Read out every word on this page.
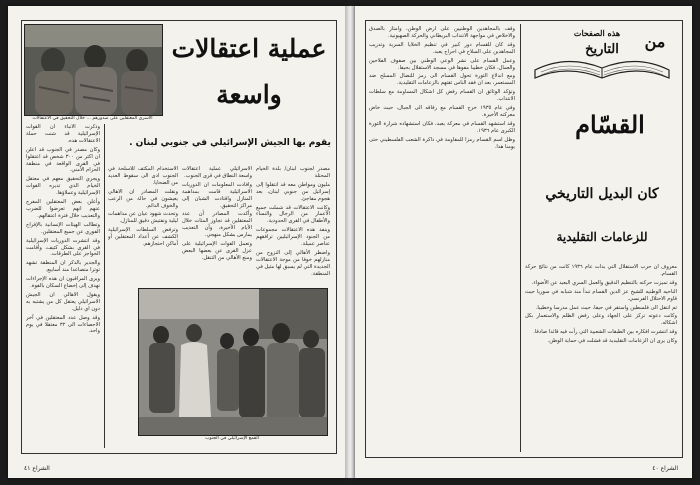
الاسرى المعتقلين على صدورهم ... خلال التحقيق في الاعتقالات
عملية اعتقالات
واسعة
يقوم بها الجيش الإسرائيلي في جنوبي لبنان .

مصدر لجنوب لبنان/ بلدة الخيام المحتلة

مليون ومواطن معه قد انتقلوا إلى إسرائيل من جنوبي لبنان، بعد هجوم مفاجئ.

وكانت الاعتقالات قد شملت جميع الأعمار من الرجال والنساء والأطفال في القرى الحدودية.

وينفذ هذه الاعتقالات مجموعات من الجنود الإسرائيليين ترافقهم عناصر عميلة.

واضطر الأهالي إلى النزوح من منازلهم خوفا من موجة الاعتقالات الجديدة التي لم يسبق لها مثيل في المنطقة.

الاسرائيلي عملية اعتقالات واسعة النطاق في قرى الجنوب.

وافادت المعلومات ان الدوريات الاسرائيلية قامت بمداهمة المنازل واقتادت الشبان إلى مراكز التحقيق.

وأكدت المصادر أن عدد المعتقلين قد تجاوز المئات خلال الأيام الأخيرة، وأن التعذيب يمارس بشكل منهجي.

وتعمل القوات الإسرائيلية على عزل القرى عن بعضها البعض ومنع الأهالي من التنقل.

الاستخدام المكثف للأسلحة في الجنوب ادى الى سقوط العديد من الضحايا.

ونقلت المصادر ان الاهالي يعيشون في حالة من الرعب والخوف الدائم.

وتحدث شهود عيان عن مداهمات ليلية وتفتيش دقيق للمنازل.

وترفض السلطات الإسرائيلية الكشف عن أعداد المعتقلين أو أماكن احتجازهم.

وذكرت الأنباء ان القوات الإسرائيلية قد شنت حملة الاعتقالات هذه.

وكان مصدر في الجنوب قد اعلن ان اكثر من ٣٠٠ شخص قد اعتقلوا في القرى الواقعة في منطقة الحزام الأمني.

ويجري التحقيق معهم في معتقل الخيام الذي تديره القوات الإسرائيلية وعملاؤها.

وأعلن بعض المعتقلين المفرج عنهم انهم تعرضوا للضرب والتعذيب خلال فترة اعتقالهم.

وتطالب الهيئات الإنسانية بالإفراج الفوري عن جميع المعتقلين.

وقد انتشرت الدوريات الإسرائيلية في القرى بشكل كثيف، وأقامت الحواجز على الطرقات.

والجدير بالذكر ان المنطقة تشهد توترا متصاعدا منذ أسابيع.

ويرى المراقبون ان هذه الإجراءات تهدف إلى إخضاع السكان بالقوة.

ويقول الاهالي ان الجيش الاسرائيلي يعتقل كل من يشتبه به دون اي دليل.

وقد وصل عدد المعتقلين في آخر الاحصاءات الى ٣٢ معتقلا في يوم واحد.

القمع الإسرائيلي في الجنوب
الشراع ٤١
من
هذه الصفحات
التاريخ
القسّام
كان البديل التاريخي
للزعامات التقليدية

معروف ان حرب الاستقلال التي بدأت عام ١٩٣٦ كانت من نتائج حركة القسام.

وقد تميزت حركته بالتنظيم الدقيق والعمل السري البعيد عن الأضواء.

الناحيه الوطنيه للشيخ عز الدين القسام تبدأ منذ شبابه في سوريا حيث قاوم الاحتلال الفرنسي.

ثم انتقل الى فلسطين واستقر في حيفا، حيث عمل مدرسا وخطيبا.

وكانت دعوته تركز على الجهاد وعلى رفض الظلم والاستعمار بكل اشكاله.

وقد انتشرت افكاره بين الطبقات الشعبية التي رأت فيه قائدا صادقا.

وكان يرى ان الزعامات التقليدية قد فشلت في حماية الوطن.

وقف بالمجاهدين الوطنيين على ارض الوطن، وامتاز بالصدق والاخلاص في مواجهة الانتداب البريطاني والحركة الصهيونية.

وقد كان للقسام دور كبير في تنظيم الخلايا السرية وتدريب المجاهدين على السلاح في احراج يعبد.

وعمل القسام على نشر الوعي الوطني بين صفوف الفلاحين والعمال، فكان خطيبا مفوها في مسجد الاستقلال بحيفا.

ومع اندلاع الثورة تحول القسام الى رمز للنضال المسلح ضد المستعمر، بعد ان فقد الناس ثقتهم بالزعامات التقليدية.

وتؤكد الوثائق ان القسام رفض كل اشكال المساومة مع سلطات الانتداب.

وفي عام ١٩٣٥ خرج القسام مع رفاقه الى الجبال، حيث خاض معركته الأخيرة.

وقد استشهد القسام في معركة يعبد، فكان استشهاده شرارة الثورة الكبرى عام ١٩٣٦.

وظل اسم القسام رمزا للمقاومة في ذاكرة الشعب الفلسطيني حتى يومنا هذا.

الشراع ٤٠
